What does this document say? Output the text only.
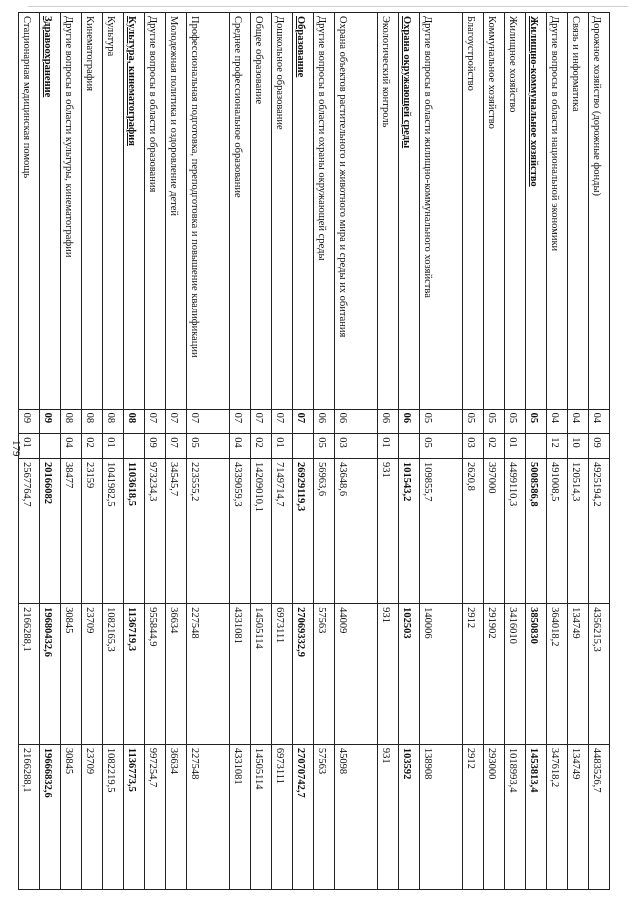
179
Дорожное хозяйство (дорожные фонды)	04	09	4925194,2	4356215,3	4483526,7
Связь и информатика	04	10	120514,3	134749	134749
Другие вопросы в области национальной экономики	04	12	491008,5	364018,2	347618,2
Жилищно-коммунальное хозяйство	05		5008586,8	3850830	1453813,4
Жилищное хозяйство	05	01	4499110,3	3416010	1018993,4
Коммунальное хозяйство	05	02	397000	291902	293000
Благоустройство	05	03	2620,8	2912	2912
Другие вопросы в области жилищно-коммунального хозяйства	05	05	109855,7	140006	138908
Охрана окружающей среды	06		101543,2	102503	103592
Экологический контроль	06	01	931	931	931
Охрана объектов растительного и животного мира и среды их обитания	06	03	43648,6	44009	45098
Другие вопросы в области охраны окружающей среды	06	05	56963,6	57563	57563
Образование	07		26929119,3	27069332,9	27070742,7
Дошкольное образование	07	01	7149714,7	6973111	6973111
Общее образование	07	02	14209010,1	14505114	14505114
Среднее профессиональное образование	07	04	4339059,3	4331081	4331081
Профессиональная подготовка, переподготовка и повышение квалификации	07	05	223555,2	227548	227548
Молодежная политика и оздоровление детей	07	07	34545,7	36634	36634
Другие вопросы в области образования	07	09	973234,3	955844,9	997254,7
Культура, кинематография	08		1103618,5	1136719,3	1136773,5
Культура	08	01	1041982,5	1082165,3	1082219,5
Кинематография	08	02	23159	23709	23709
Другие вопросы в области культуры, кинематографии	08	04	38477	30845	30845
Здравоохранение	09		20166082	19680432,6	19666832,6
Стационарная медицинская помощь	09	01	2567764,7	2166288,1	2166288,1
